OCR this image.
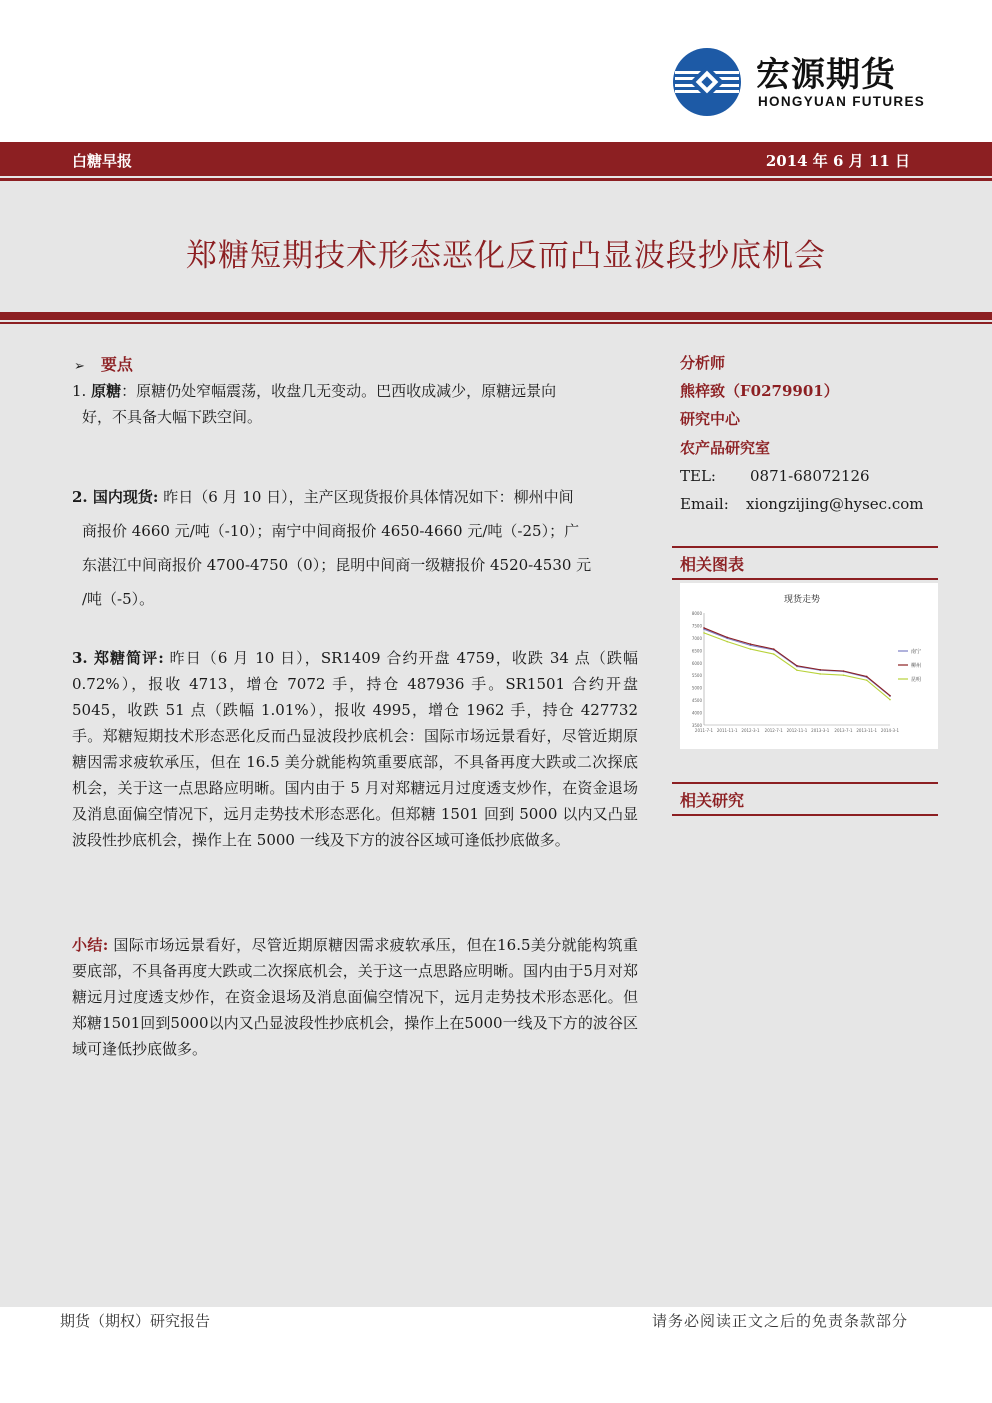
宏源期货
HONGYUAN FUTURES
白糖早报	2014 年 6 月 11 日
郑糖短期技术形态恶化反而凸显波段抄底机会
➢ 要点
1. 原糖：原糖仍处窄幅震荡，收盘几无变动。巴西收成减少，原糖远景向
好，不具备大幅下跌空间。
2. 国内现货: 昨日（6 月 10 日），主产区现货报价具体情况如下：柳州中间
商报价 4660 元/吨（-10）；南宁中间商报价 4650-4660 元/吨（-25）；广
东湛江中间商报价 4700-4750（0）；昆明中间商一级糖报价 4520-4530 元
/吨（-5）。
3. 郑糖简评: 昨日（6 月 10 日），SR1409 合约开盘 4759，收跌 34 点（跌幅 0.72%），报收 4713，增仓 7072 手，持仓 487936 手。SR1501 合约开盘 5045，收跌 51 点（跌幅 1.01%），报收 4995，增仓 1962 手，持仓 427732 手。郑糖短期技术形态恶化反而凸显波段抄底机会：国际市场远景看好，尽管近期原糖因需求疲软承压，但在 16.5 美分就能构筑重要底部，不具备再度大跌或二次探底机会，关于这一点思路应明晰。国内由于 5 月对郑糖远月过度透支炒作，在资金退场及消息面偏空情况下，远月走势技术形态恶化。但郑糖 1501 回到 5000 以内又凸显波段性抄底机会，操作上在 5000 一线及下方的波谷区域可逢低抄底做多。
小结: 国际市场远景看好，尽管近期原糖因需求疲软承压，但在16.5美分就能构筑重要底部，不具备再度大跌或二次探底机会，关于这一点思路应明晰。国内由于5月对郑糖远月过度透支炒作，在资金退场及消息面偏空情况下，远月走势技术形态恶化。但郑糖1501回到5000以内又凸显波段性抄底机会，操作上在5000一线及下方的波谷区域可逢低抄底做多。
分析师
熊梓致（F0279901）
研究中心
农产品研究室
TEL: 0871-68072126
Email: xiongzijing@hysec.com
相关图表
现货走势
3500
4000
4500
5000
5500
6000
6500
7000
7500
8000
2011-7-1 2011-11-1 2012-3-1 2012-7-1 2012-11-1 2013-3-1 2013-7-1 2013-11-1 2014-3-1
南宁
柳州
昆明
相关研究
期货（期权）研究报告	请务必阅读正文之后的免责条款部分
